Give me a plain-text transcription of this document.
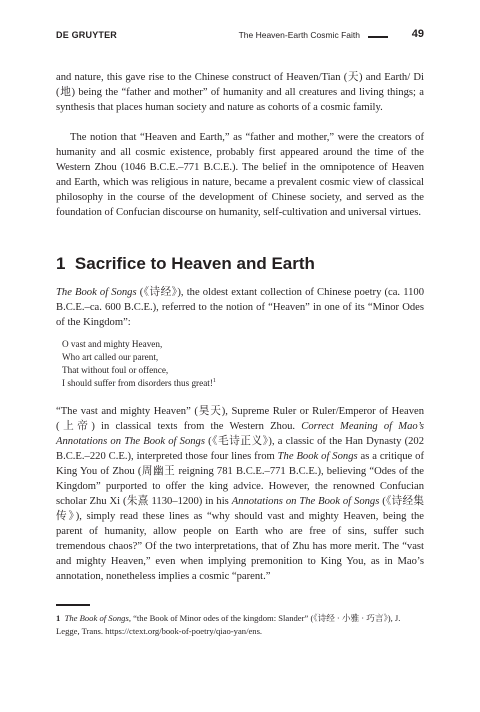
DE GRUYTER	The Heaven-Earth Cosmic Faith	49

and nature, this gave rise to the Chinese construct of Heaven/Tian (天) and Earth/ Di (地) being the “father and mother” of humanity and all creatures and living things; a synthesis that places human society and nature as cohorts of a cosmic family.

The notion that “Heaven and Earth,” as “father and mother,” were the creators of humanity and all cosmic existence, probably first appeared around the time of the Western Zhou (1046 B.C.E.–771 B.C.E.). The belief in the omnipotence of Heaven and Earth, which was religious in nature, became a prevalent cosmic view of classical philosophy in the course of the development of Chinese society, and served as the foundation of Confucian discourse on humanity, self-cultivation and universal virtues.

1 Sacrifice to Heaven and Earth

The Book of Songs (《诗经》), the oldest extant collection of Chinese poetry (ca. 1100 B.C.E.–ca. 600 B.C.E.), referred to the notion of “Heaven” in one of its “Minor Odes of the Kingdom”:

O vast and mighty Heaven,
Who art called our parent,
That without foul or offence,
I should suffer from disorders thus great!$^1$

“The vast and mighty Heaven” (昊天), Supreme Ruler or Ruler/Emperor of Heaven (上帝) in classical texts from the Western Zhou. Correct Meaning of Mao’s Annotations on The Book of Songs (《毛诗正义》), a classic of the Han Dynasty (202 B.C.E.–220 C.E.), interpreted those four lines from The Book of Songs as a critique of King You of Zhou (周幽王 reigning 781 B.C.E.–771 B.C.E.), believing “Odes of the Kingdom” purported to offer the king advice. However, the renowned Confucian scholar Zhu Xi (朱熹 1130–1200) in his Annotations on The Book of Songs (《诗经集传》), simply read these lines as “why should vast and mighty Heaven, being the parent of humanity, allow people on Earth who are free of sins, suffer such tremendous chaos?” Of the two interpretations, that of Zhu has more merit. The “vast and mighty Heaven,” even when implying premonition to King You, as in Mao’s annotation, nonetheless implies a cosmic “parent.”

1 The Book of Songs, “the Book of Minor odes of the kingdom: Slander” (《诗经 · 小雅 · 巧言》), J. Legge, Trans. https://ctext.org/book-of-poetry/qiao-yan/ens.
